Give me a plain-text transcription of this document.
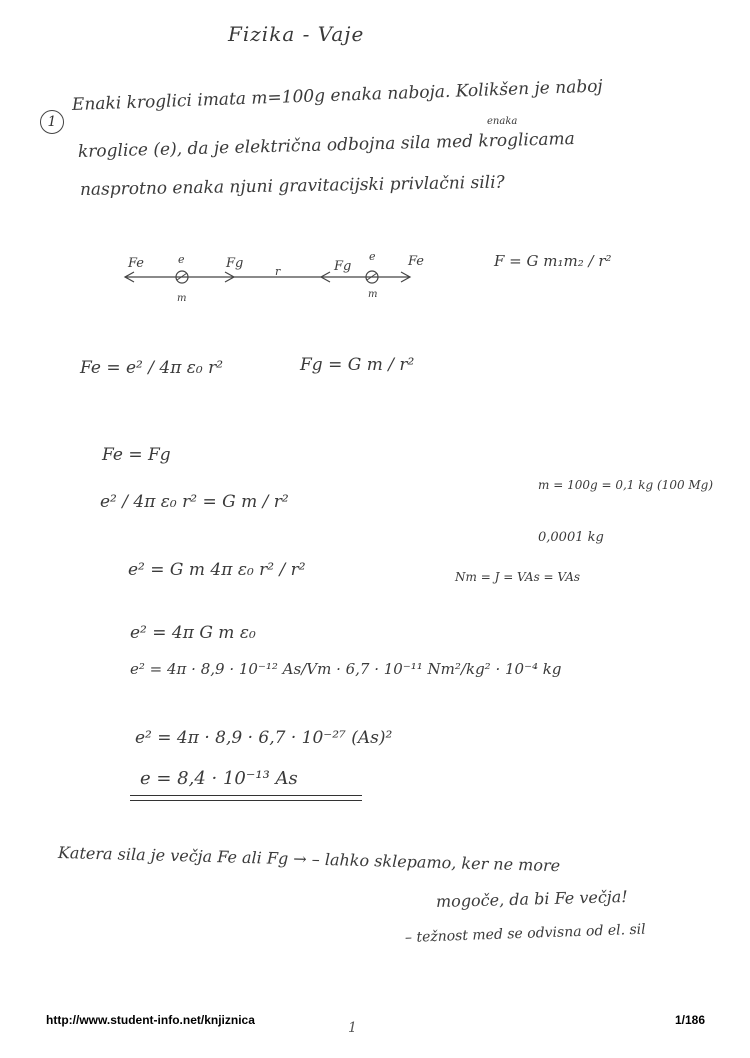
Fizika - Vaje
1
Enaki kroglici imata m=100g enaka naboja. Kolikšen je naboj
enaka
kroglice (e), da je električna odbojna sila med kroglicama
nasprotno enaka njuni gravitacijski privlačni sili?
Fe	e	Fg
m
r	Fg
e Fe
m
F = G m₁m₂ / r²
Fe = e² / 4π ε₀ r²	Fg = G m / r²
Fe = Fg
e² / 4π ε₀ r² = G m / r²
e² = G m 4π ε₀ r² / r²
e² = 4π G m ε₀
e² = 4π · 8,9 · 10⁻¹² As/Vm · 6,7 · 10⁻¹¹ Nm²/kg² · 10⁻⁴ kg
e² = 4π · 8,9 · 6,7 · 10⁻²⁷ (As)²
e = 8,4 · 10⁻¹³ As
m = 100g = 0,1 kg (100 Mg)
0,0001 kg
Nm = J = VAs = VAs
Katera sila je večja Fe ali Fg → – lahko sklepamo, ker ne more
mogoče, da bi Fe večja!
– težnost med se odvisna od el. sil
http://www.student-info.net/knjiznica	1	1/186
